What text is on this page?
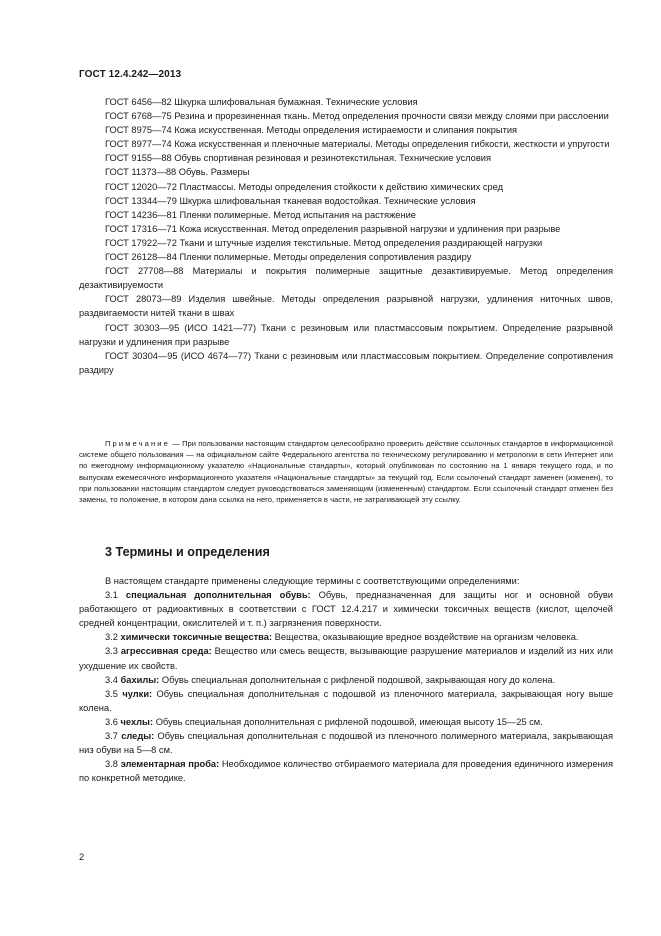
ГОСТ 12.4.242—2013

ГОСТ 6456—82 Шкурка шлифовальная бумажная. Технические условия

ГОСТ 6768—75 Резина и прорезиненная ткань. Метод определения прочности связи между слоями при расслоении

ГОСТ 8975—74 Кожа искусственная. Методы определения истираемости и слипания покрытия

ГОСТ 8977—74 Кожа искусственная и пленочные материалы. Методы определения гибкости, жесткости и упругости

ГОСТ 9155—88 Обувь спортивная резиновая и резинотекстильная. Технические условия

ГОСТ 11373—88 Обувь. Размеры

ГОСТ 12020—72 Пластмассы. Методы определения стойкости к действию химических сред

ГОСТ 13344—79 Шкурка шлифовальная тканевая водостойкая. Технические условия

ГОСТ 14236—81 Пленки полимерные. Метод испытания на растяжение

ГОСТ 17316—71 Кожа искусственная. Метод определения разрывной нагрузки и удлинения при разрыве

ГОСТ 17922—72 Ткани и штучные изделия текстильные. Метод определения раздирающей нагрузки

ГОСТ 26128—84 Пленки полимерные. Методы определения сопротивления раздиру

ГОСТ 27708—88 Материалы и покрытия полимерные защитные дезактивируемые. Метод определения дезактивируемости

ГОСТ 28073—89 Изделия швейные. Методы определения разрывной нагрузки, удлинения ниточных швов, раздвигаемости нитей ткани в швах

ГОСТ 30303—95 (ИСО 1421—77) Ткани с резиновым или пластмассовым покрытием. Определение разрывной нагрузки и удлинения при разрыве

ГОСТ 30304—95 (ИСО 4674—77) Ткани с резиновым или пластмассовым покрытием. Определение сопротивления раздиру

Примечание — При пользовании настоящим стандартом целесообразно проверить действие ссылочных стандартов в информационной системе общего пользования — на официальном сайте Федерального агентства по техническому регулированию и метрологии в сети Интернет или по ежегодному информационному указателю «Национальные стандарты», который опубликован по состоянию на 1 января текущего года, и по выпускам ежемесячного информационного указателя «Национальные стандарты» за текущий год. Если ссылочный стандарт заменен (изменен), то при пользовании настоящим стандартом следует руководствоваться заменяющим (измененным) стандартом. Если ссылочный стандарт отменен без замены, то положение, в котором дана ссылка на него, применяется в части, не затрагивающей эту ссылку.

3 Термины и определения

В настоящем стандарте применены следующие термины с соответствующими определениями:

3.1 специальная дополнительная обувь: Обувь, предназначенная для защиты ног и основной обуви работающего от радиоактивных в соответствии с ГОСТ 12.4.217 и химически токсичных веществ (кислот, щелочей средней концентрации, окислителей и т. п.) загрязнения поверхности.

3.2 химически токсичные вещества: Вещества, оказывающие вредное воздействие на организм человека.

3.3 агрессивная среда: Вещество или смесь веществ, вызывающие разрушение материалов и изделий из них или ухудшение их свойств.

3.4 бахилы: Обувь специальная дополнительная с рифленой подошвой, закрывающая ногу до колена.

3.5 чулки: Обувь специальная дополнительная с подошвой из пленочного материала, закрывающая ногу выше колена.

3.6 чехлы: Обувь специальная дополнительная с рифленой подошвой, имеющая высоту 15—25 см.

3.7 следы: Обувь специальная дополнительная с подошвой из пленочного полимерного материала, закрывающая низ обуви на 5—8 см.

3.8 элементарная проба: Необходимое количество отбираемого материала для проведения единичного измерения по конкретной методике.

2
